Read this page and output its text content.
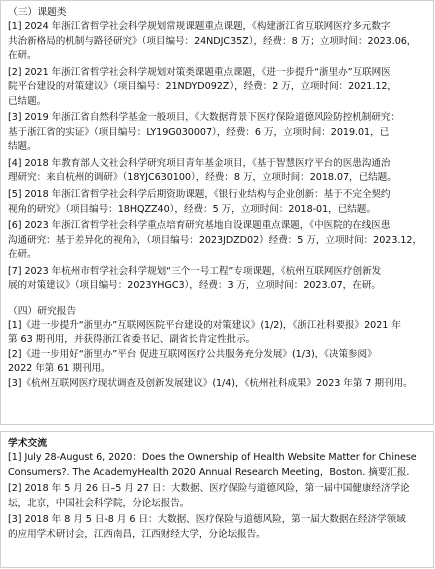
（三）课题类
[1] 2024 年浙江省哲学社会科学规划常规课题重点课题，《构建浙江省互联网医疗多元数字
共治新格局的机制与路径研究》（项目编号：24NDJC35Z），经费：8 万；立项时间：2023.06，
在研。
[2] 2021 年浙江省哲学社会科学规划对策类课题重点课题，《进一步提升“浙里办”互联网医
院平台建设的对策建议》（项目编号：21NDYD092Z），经费：2 万，立项时间：2021.12，
已结题。
[3] 2019 年浙江省自然科学基金一般项目，《大数据背景下医疗保险道德风险防控机制研究：
基于浙江省的实证》（项目编号：LY19G030007），经费：6 万，立项时间：2019.01，已
结题。
[4] 2018 年教育部人文社会科学研究项目青年基金项目，《基于智慧医疗平台的医患沟通治
理研究：来自杭州的调研》（18YJC630100），经费：8 万，立项时间：2018.07，已结题。
[5] 2018 年浙江省哲学社会科学后期资助课题，《银行业结构与企业创新：基于不完全契约
视角的研究》（项目编号：18HQZZ40），经费：5 万，立项时间：2018-01，已结题。
[6] 2023 年浙江省哲学社会科学重点培育研究基地自设课题重点课题，《中医院的在线医患
沟通研究：基于差异化的视角》，（项目编号：2023JDZD02）经费：5 万，立项时间：2023.12，
在研。
[7] 2023 年杭州市哲学社会科学规划“三个一号工程”专项课题，《杭州互联网医疗创新发
展的对策建议》（项目编号：2023YHGC3），经费：3 万，立项时间：2023.07，在研。
（四）研究报告
[1]《进一步提升“浙里办”互联网医院平台建设的对策建议》(1/2)，《浙江社科要报》2021 年
第 63 期刊用，并获得浙江省委书记、副省长肯定性批示。
[2]《进一步用好“浙里办”平台 促进互联网医疗公共服务充分发展》(1/3)，《决策参阅》
2022 年第 61 期刊用。
[3]《杭州互联网医疗现状调查及创新发展建议》(1/4)，《杭州社科成果》2023 年第 7 期刊用。
学术交流
[1] July 28-August 6, 2020：Does the Ownership of Health Website Matter for Chinese
Consumers?. The AcademyHealth 2020 Annual Research Meeting，Boston. 摘要汇报.
[2] 2018 年 5 月 26 日–5 月 27 日：大数据、医疗保险与道德风险，第一届中国健康经济学论
坛，北京，中国社会科学院，分论坛报告。
[3] 2018 年 8 月 5 日-8 月 6 日：大数据、医疗保险与道德风险，第一届大数据在经济学领域
的应用学术研讨会，江西南昌，江西财经大学，分论坛报告。
